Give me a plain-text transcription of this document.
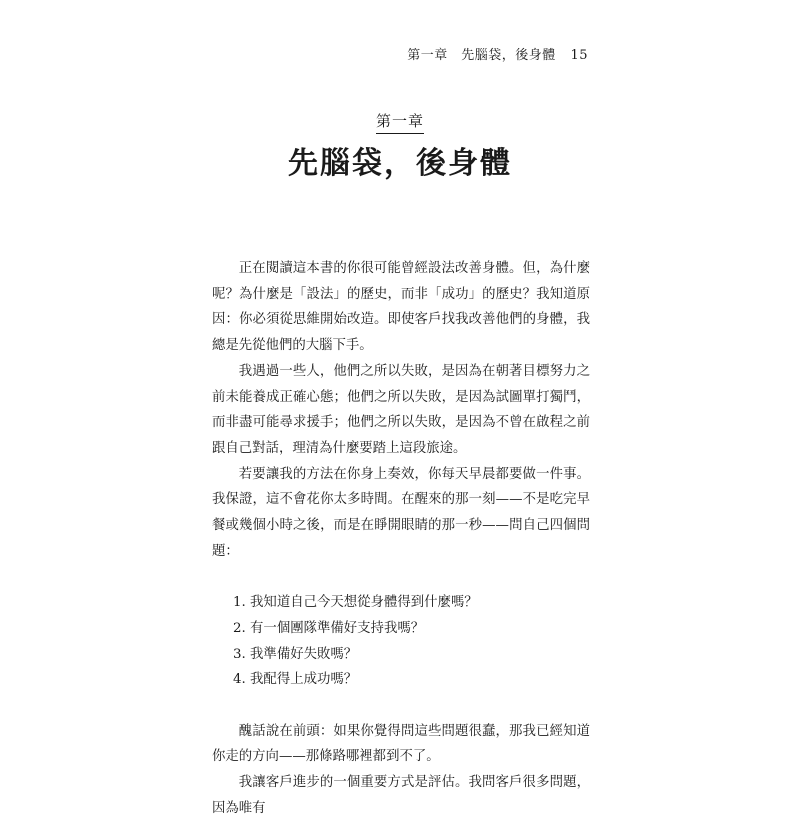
第一章　先腦袋，後身體 15
第一章
先腦袋，後身體

正在閱讀這本書的你很可能曾經設法改善身體。但，為什麼呢？為什麼是「設法」的歷史，而非「成功」的歷史？我知道原因：你必須從思維開始改造。即使客戶找我改善他們的身體，我總是先從他們的大腦下手。

我遇過一些人，他們之所以失敗，是因為在朝著目標努力之前未能養成正確心態；他們之所以失敗，是因為試圖單打獨鬥，而非盡可能尋求援手；他們之所以失敗，是因為不曾在啟程之前跟自己對話，理清為什麼要踏上這段旅途。

若要讓我的方法在你身上奏效，你每天早晨都要做一件事。我保證，這不會花你太多時間。在醒來的那一刻——不是吃完早餐或幾個小時之後，而是在睜開眼睛的那一秒——問自己四個問題：

1. 我知道自己今天想從身體得到什麼嗎？
2. 有一個團隊準備好支持我嗎？
3. 我準備好失敗嗎？
4. 我配得上成功嗎？

醜話說在前頭：如果你覺得問這些問題很蠢，那我已經知道你走的方向——那條路哪裡都到不了。

我讓客戶進步的一個重要方式是評估。我問客戶很多問題，因為唯有
